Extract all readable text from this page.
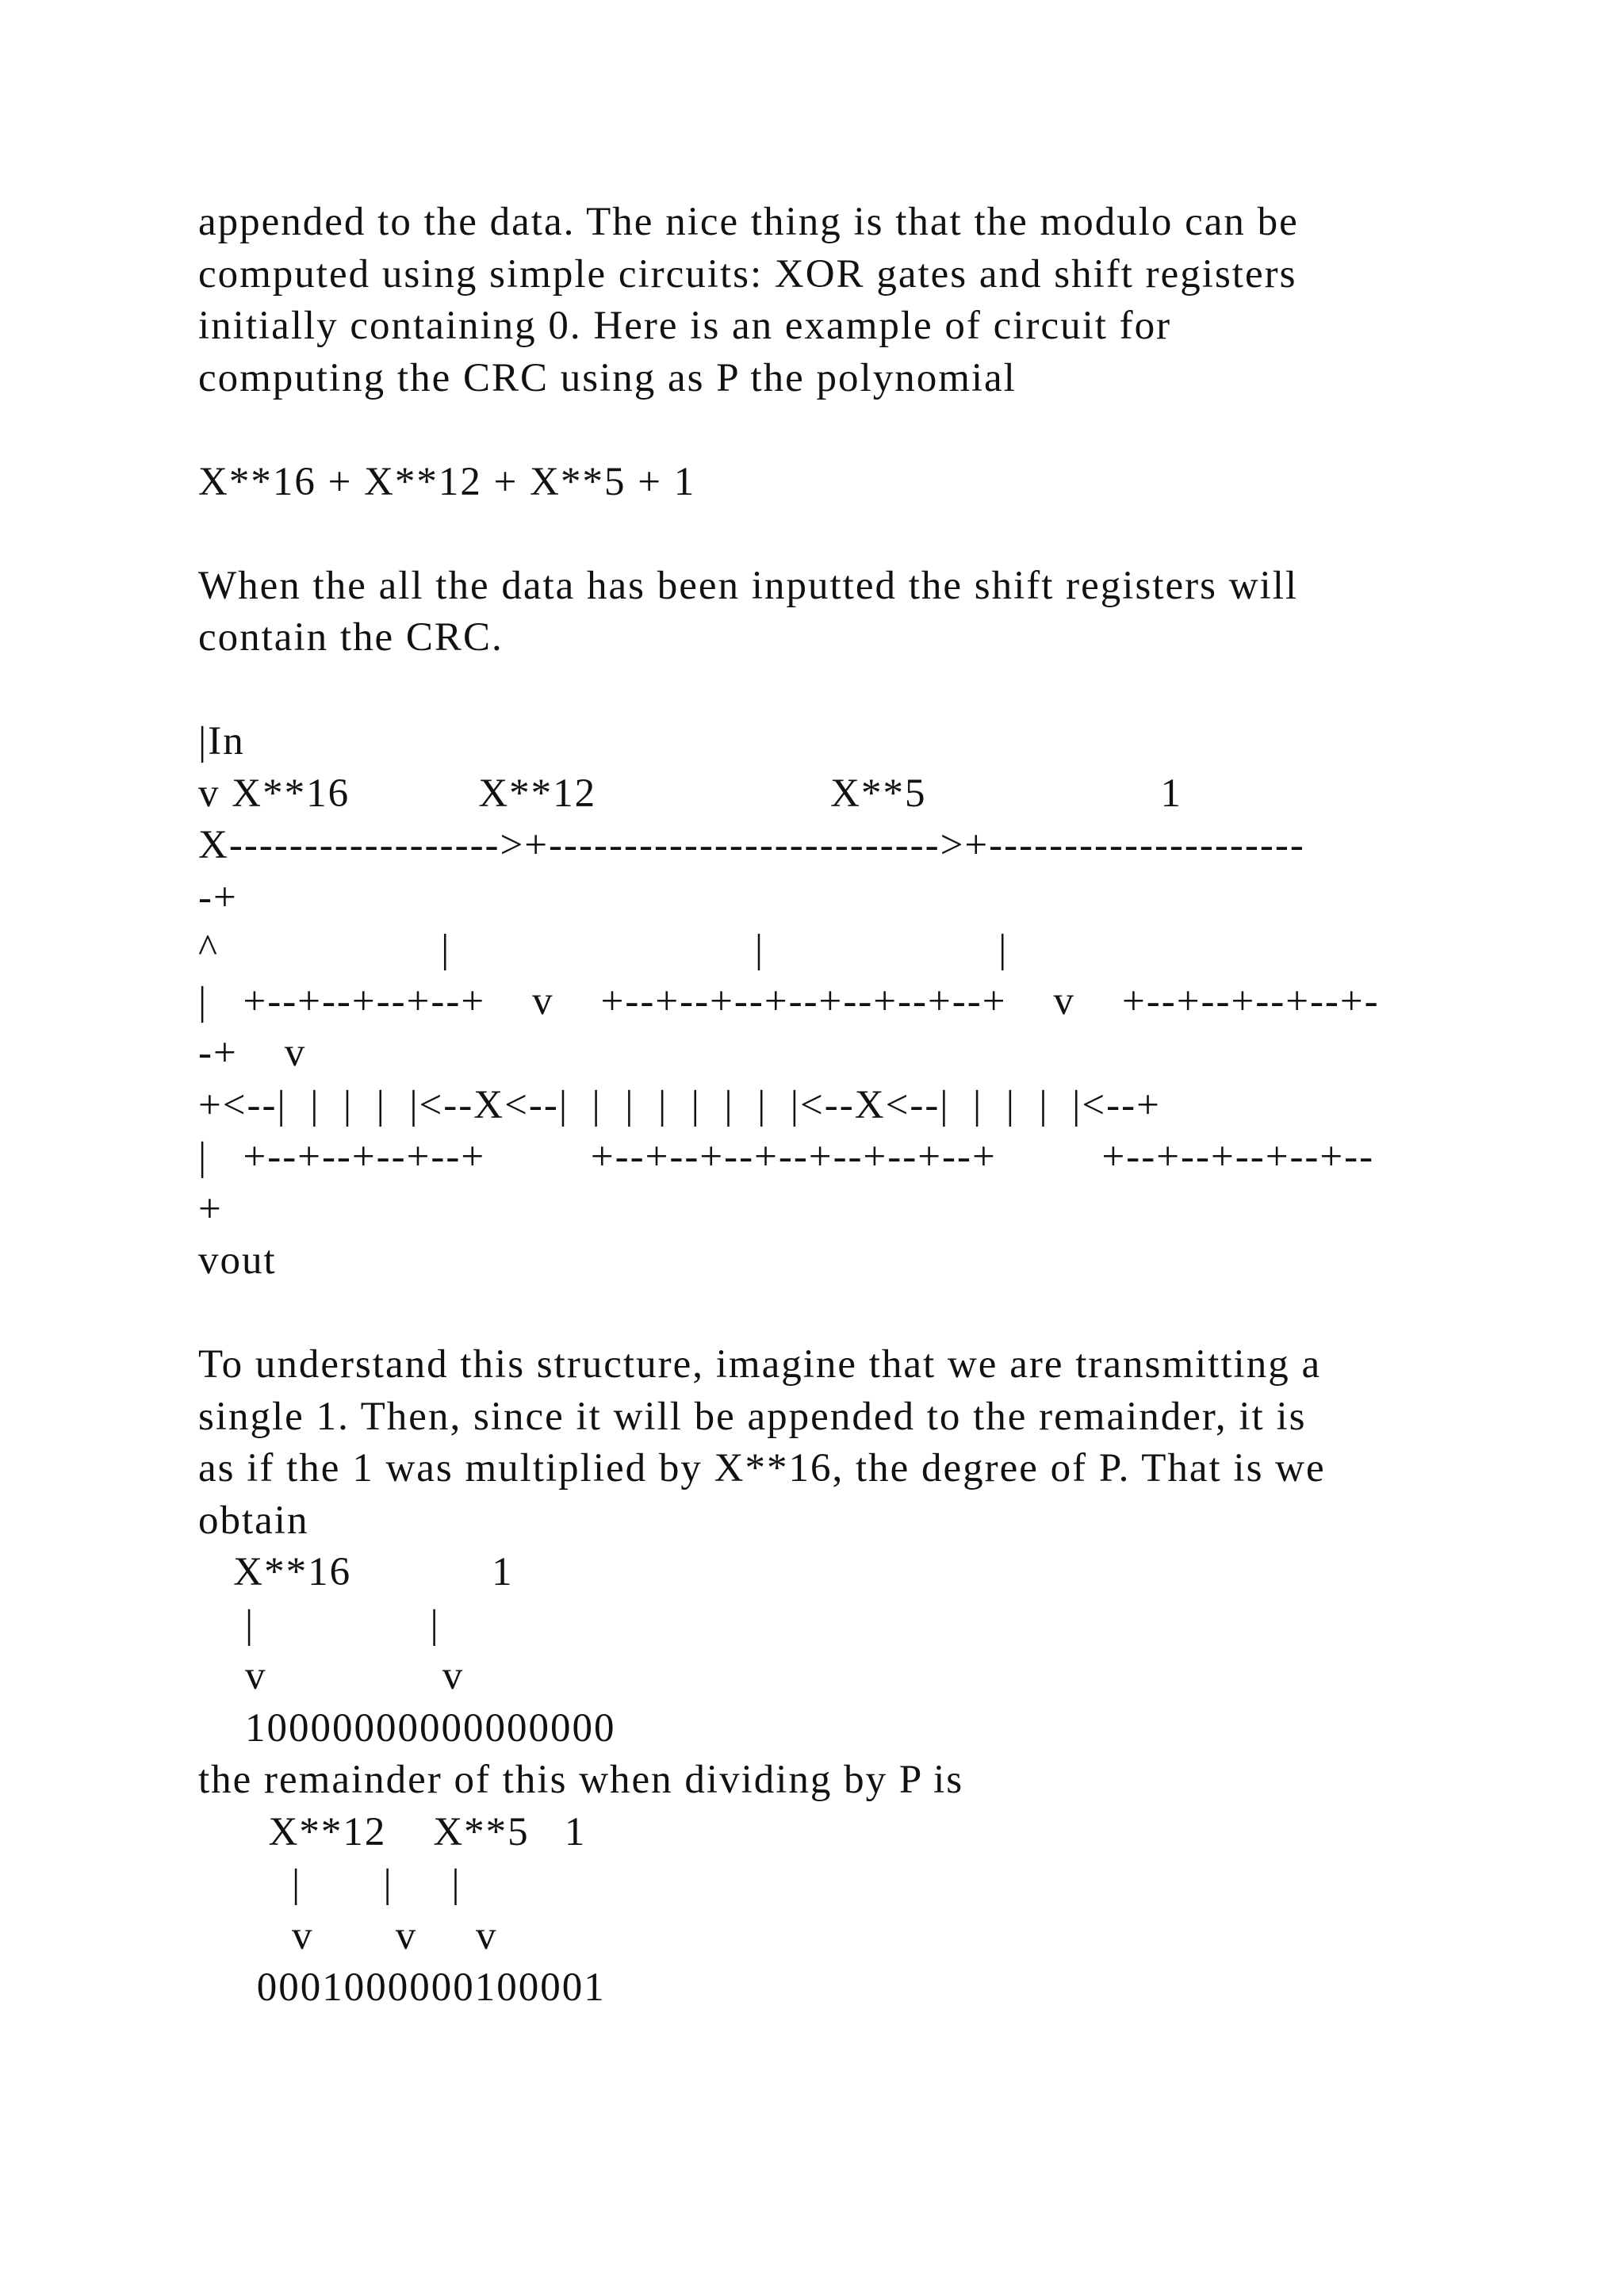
appended to the data. The nice thing is that the modulo can be
computed using simple circuits: XOR gates and shift registers
initially containing 0. Here is an example of circuit for
computing the CRC using as P the polynomial
X**16 + X**12 + X**5 + 1
When the all the data has been inputted the shift registers will
contain the CRC.
|In
v X**16           X**12                    X**5                    1
X------------------>+-------------------------->+---------------------
-+
^                   |                          |                    |
|   +--+--+--+--+    v    +--+--+--+--+--+--+--+    v    +--+--+--+--+-
-+    v
+<--|  |  |  |  |<--X<--|  |  |  |  |  |  |  |<--X<--|  |  |  |  |<--+
|   +--+--+--+--+         +--+--+--+--+--+--+--+         +--+--+--+--+--
+
vout
To understand this structure, imagine that we are transmitting a
single 1. Then, since it will be appended to the remainder, it is
as if the 1 was multiplied by X**16, the degree of P. That is we
obtain
X**16            1
|               |
v               v
10000000000000000
the remainder of this when dividing by P is
X**12    X**5   1
|       |     |
v       v     v
0001000000100001
